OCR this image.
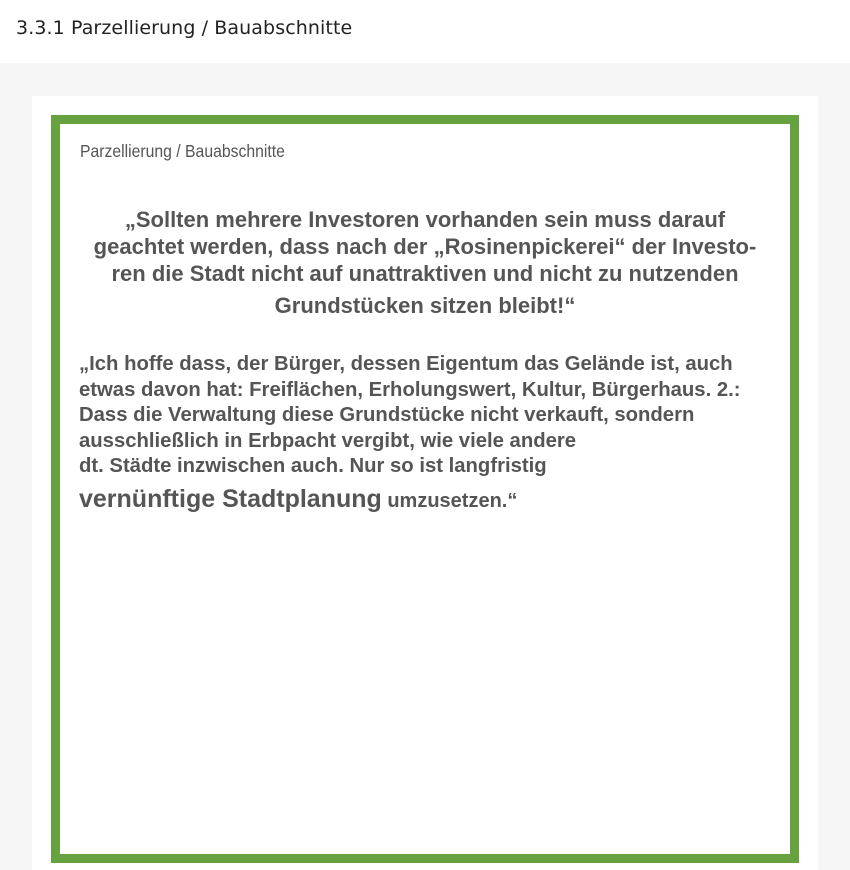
3.3.1 Parzellierung / Bauabschnitte
Parzellierung / Bauabschnitte
„Sollten mehrere Investoren vorhanden sein muss darauf
geachtet werden, dass nach der „Rosinenpickerei“ der Investo-
ren die Stadt nicht auf unattraktiven und nicht zu nutzenden
Grundstücken sitzen bleibt!“
„Ich hoffe dass, der Bürger, dessen Eigentum das Gelände ist, auch
etwas davon hat: Freiflächen, Erholungswert, Kultur, Bürgerhaus. 2.:
Dass die Verwaltung diese Grundstücke nicht verkauft, sondern
ausschließlich in Erbpacht vergibt, wie viele andere
dt. Städte inzwischen auch. Nur so ist langfristig
vernünftige Stadtplanung umzusetzen.“
